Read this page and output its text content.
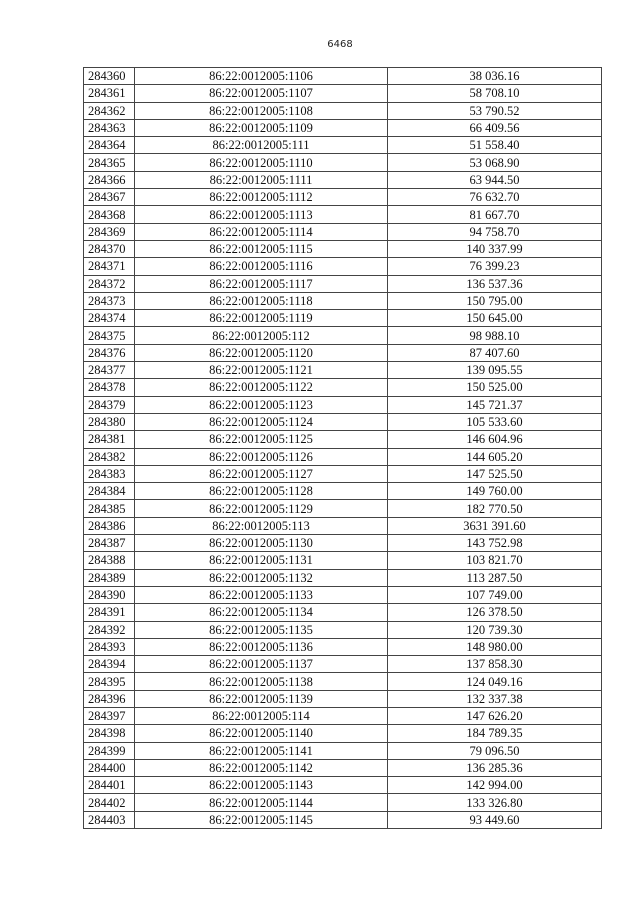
6468
284360	86:22:0012005:1106	38 036.16
284361	86:22:0012005:1107	58 708.10
284362	86:22:0012005:1108	53 790.52
284363	86:22:0012005:1109	66 409.56
284364	86:22:0012005:111	51 558.40
284365	86:22:0012005:1110	53 068.90
284366	86:22:0012005:1111	63 944.50
284367	86:22:0012005:1112	76 632.70
284368	86:22:0012005:1113	81 667.70
284369	86:22:0012005:1114	94 758.70
284370	86:22:0012005:1115	140 337.99
284371	86:22:0012005:1116	76 399.23
284372	86:22:0012005:1117	136 537.36
284373	86:22:0012005:1118	150 795.00
284374	86:22:0012005:1119	150 645.00
284375	86:22:0012005:112	98 988.10
284376	86:22:0012005:1120	87 407.60
284377	86:22:0012005:1121	139 095.55
284378	86:22:0012005:1122	150 525.00
284379	86:22:0012005:1123	145 721.37
284380	86:22:0012005:1124	105 533.60
284381	86:22:0012005:1125	146 604.96
284382	86:22:0012005:1126	144 605.20
284383	86:22:0012005:1127	147 525.50
284384	86:22:0012005:1128	149 760.00
284385	86:22:0012005:1129	182 770.50
284386	86:22:0012005:113	3631 391.60
284387	86:22:0012005:1130	143 752.98
284388	86:22:0012005:1131	103 821.70
284389	86:22:0012005:1132	113 287.50
284390	86:22:0012005:1133	107 749.00
284391	86:22:0012005:1134	126 378.50
284392	86:22:0012005:1135	120 739.30
284393	86:22:0012005:1136	148 980.00
284394	86:22:0012005:1137	137 858.30
284395	86:22:0012005:1138	124 049.16
284396	86:22:0012005:1139	132 337.38
284397	86:22:0012005:114	147 626.20
284398	86:22:0012005:1140	184 789.35
284399	86:22:0012005:1141	79 096.50
284400	86:22:0012005:1142	136 285.36
284401	86:22:0012005:1143	142 994.00
284402	86:22:0012005:1144	133 326.80
284403	86:22:0012005:1145	93 449.60
